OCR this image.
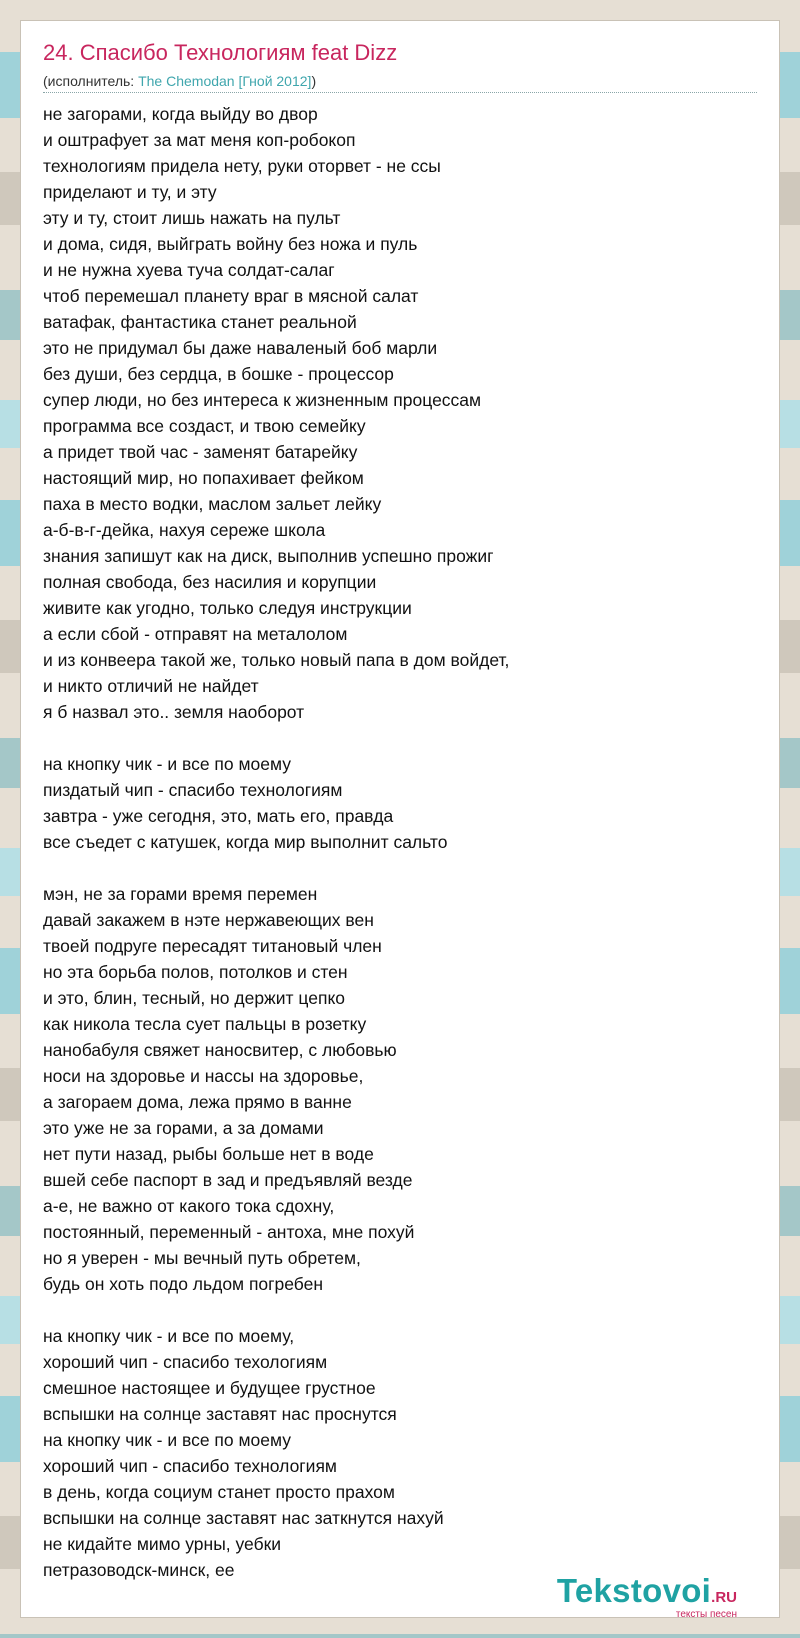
24. Спасибо Технологиям feat Dizz
(исполнитель: The Chemodan [Гной 2012])
не загорами, когда выйду во двор
и оштрафует за мат меня коп-робокоп
технологиям придела нету, руки оторвет - не ссы
приделают и ту, и эту
эту и ту, стоит лишь нажать на пульт
и дома, сидя, выйграть войну без ножа и пуль
и не нужна хуева туча солдат-салаг
чтоб перемешал планету враг в мясной салат
ватафак, фантастика станет реальной
это не придумал бы даже наваленый боб марли
без души, без сердца, в бошке - процессор
супер люди, но без интереса к жизненным процессам
программа все создаст, и твою семейку
а придет твой час - заменят батарейку
настоящий мир, но попахивает фейком
паха в место водки, маслом зальет лейку
а-б-в-г-дейка, нахуя сереже школа
знания запишут как на диск, выполнив успешно прожиг
полная свобода, без насилия и корупции
живите как угодно, только следуя инструкции
а если сбой - отправят на металолом
и из конвеера такой же, только новый папа в дом войдет,
и никто отличий не найдет
я б назвал это.. земля наоборот
на кнопку чик - и все по моему
пиздатый чип - спасибо технологиям
завтра - уже сегодня, это, мать его, правда
все съедет с катушек, когда мир выполнит сальто
мэн, не за горами время перемен
давай закажем в нэте нержавеющих вен
твоей подруге пересадят титановый член
но эта борьба полов, потолков и стен
и это, блин, тесный, но держит цепко
как никола тесла сует пальцы в розетку
нанобабуля свяжет наносвитер, с любовью
носи на здоровье и нассы на здоровье,
а загораем дома, лежа прямо в ванне
это уже не за горами, а за домами
нет пути назад, рыбы больше нет в воде
вшей себе паспорт в зад и предъявляй везде
а-е, не важно от какого тока сдохну,
постоянный, переменный - антоха, мне похуй
но я уверен - мы вечный путь обретем,
будь он хоть подо льдом погребен
на кнопку чик - и все по моему,
хороший чип - спасибо техологиям
смешное настоящее и будущее грустное
вспышки на солнце заставят нас проснутся
на кнопку чик - и все по моему
хороший чип - спасибо технологиям
в день, когда социум станет просто прахом
вспышки на солнце заставят нас заткнутся нахуй
не кидайте мимо урны, уебки
петразоводск-минск, ее
Tekstovoi.RU
тексты песен
